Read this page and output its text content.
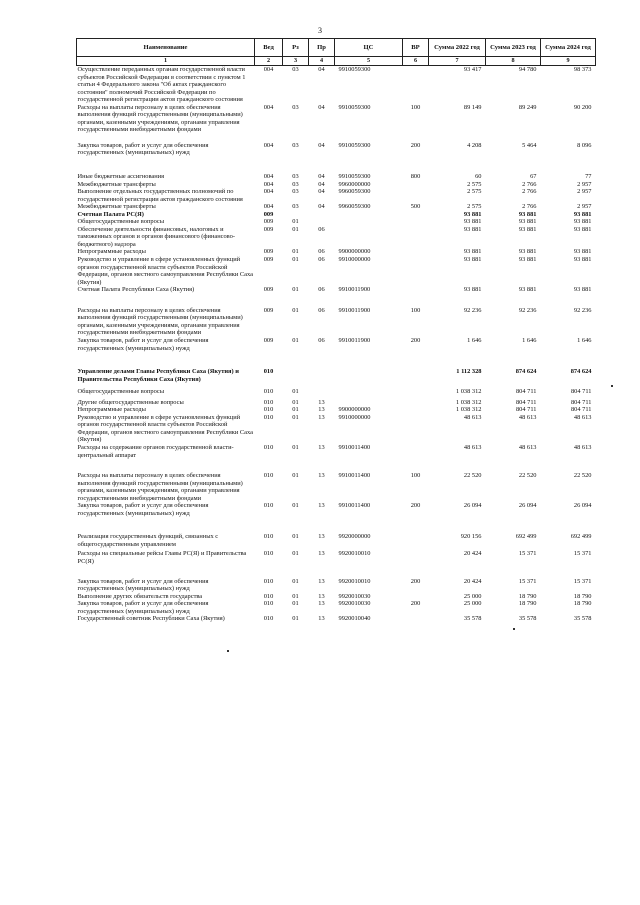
3
Наименование	Вед	Рз	Пр	ЦС	ВР	Сумма 2022 год	Сумма 2023 год	Сумма 2024 год
1	2	3	4	5	6	7	8	9
Осуществление переданных органам государственной власти субъектов Российской Федерации в соответствии с пунктом 1 статьи 4 Федерального закона "Об актах гражданского состояния" полномочий Российской Федерации по государственной регистрации актов гражданского состояния	004	03	04	9910059300		93 417	94 780	98 373
Расходы на выплаты персоналу в целях обеспечения выполнения функций государственными (муниципальными) органами, казенными учреждениями, органами управления государственными внебюджетными фондами	004	03	04	9910059300	100	89 149	89 249	90 200
Закупка товаров, работ и услуг для обеспечения государственных (муниципальных) нужд	004	03	04	9910059300	200	4 208	5 464	8 096
Иные бюджетные ассигнования	004	03	04	9910059300	800	60	67	77
Межбюджетные трансферты	004	03	04	9960000000		2 575	2 766	2 957
Выполнение отдельных государственных полномочий по государственной регистрации актов гражданского состояния	004	03	04	9960059300		2 575	2 766	2 957
Межбюджетные трансферты	004	03	04	9960059300	500	2 575	2 766	2 957
Счетная Палата РС(Я)	009					93 881	93 881	93 881
Общегосударственные вопросы	009	01				93 881	93 881	93 881
Обеспечение деятельности финансовых, налоговых и таможенных органов и органов финансового (финансово-бюджетного) надзора	009	01	06			93 881	93 881	93 881
Непрограммные расходы	009	01	06	9900000000		93 881	93 881	93 881
Руководство и управление в сфере установленных функций органов государственной власти субъектов Российской Федерации, органов местного самоуправления Республики Саха (Якутия)	009	01	06	9910000000		93 881	93 881	93 881
Счетная Палата Республики Саха (Якутия)	009	01	06	9910011900		93 881	93 881	93 881
Расходы на выплаты персоналу в целях обеспечения выполнения функций государственными (муниципальными) органами, казенными учреждениями, органами управления государственными внебюджетными фондами	009	01	06	9910011900	100	92 236	92 236	92 236
Закупка товаров, работ и услуг для обеспечения государственных (муниципальных) нужд	009	01	06	9910011900	200	1 646	1 646	1 646
Управление делами Главы Республики Саха (Якутия) и Правительства Республики Саха (Якутия)	010					1 112 328	874 624	874 624
Общегосударственные вопросы	010	01				1 038 312	804 711	804 711
Другие общегосударственные вопросы	010	01	13			1 038 312	804 711	804 711
Непрограммные расходы	010	01	13	9900000000		1 038 312	804 711	804 711
Руководство и управление в сфере установленных функций органов государственной власти субъектов Российской Федерации, органов местного самоуправления Республики Саха (Якутия)	010	01	13	9910000000		48 613	48 613	48 613
Расходы на содержание органов государственной власти- центральный аппарат	010	01	13	9910011400		48 613	48 613	48 613
Расходы на выплаты персоналу в целях обеспечения выполнения функций государственными (муниципальными) органами, казенными учреждениями, органами управления государственными внебюджетными фондами	010	01	13	9910011400	100	22 520	22 520	22 520
Закупка товаров, работ и услуг для обеспечения государственных (муниципальных) нужд	010	01	13	9910011400	200	26 094	26 094	26 094
Реализация государственных функций, связанных с общегосударственным управлением	010	01	13	9920000000		920 156	692 499	692 499
Расходы на специальные рейсы Главы РС(Я) и Правительства РС(Я)	010	01	13	9920010010		20 424	15 371	15 371
Закупка товаров, работ и услуг для обеспечения государственных (муниципальных) нужд	010	01	13	9920010010	200	20 424	15 371	15 371
Выполнение других обязательств государства	010	01	13	9920010030		25 000	18 790	18 790
Закупка товаров, работ и услуг для обеспечения государственных (муниципальных) нужд	010	01	13	9920010030	200	25 000	18 790	18 790
Государственный советник Республики Саха (Якутия)	010	01	13	9920010040		35 578	35 578	35 578
